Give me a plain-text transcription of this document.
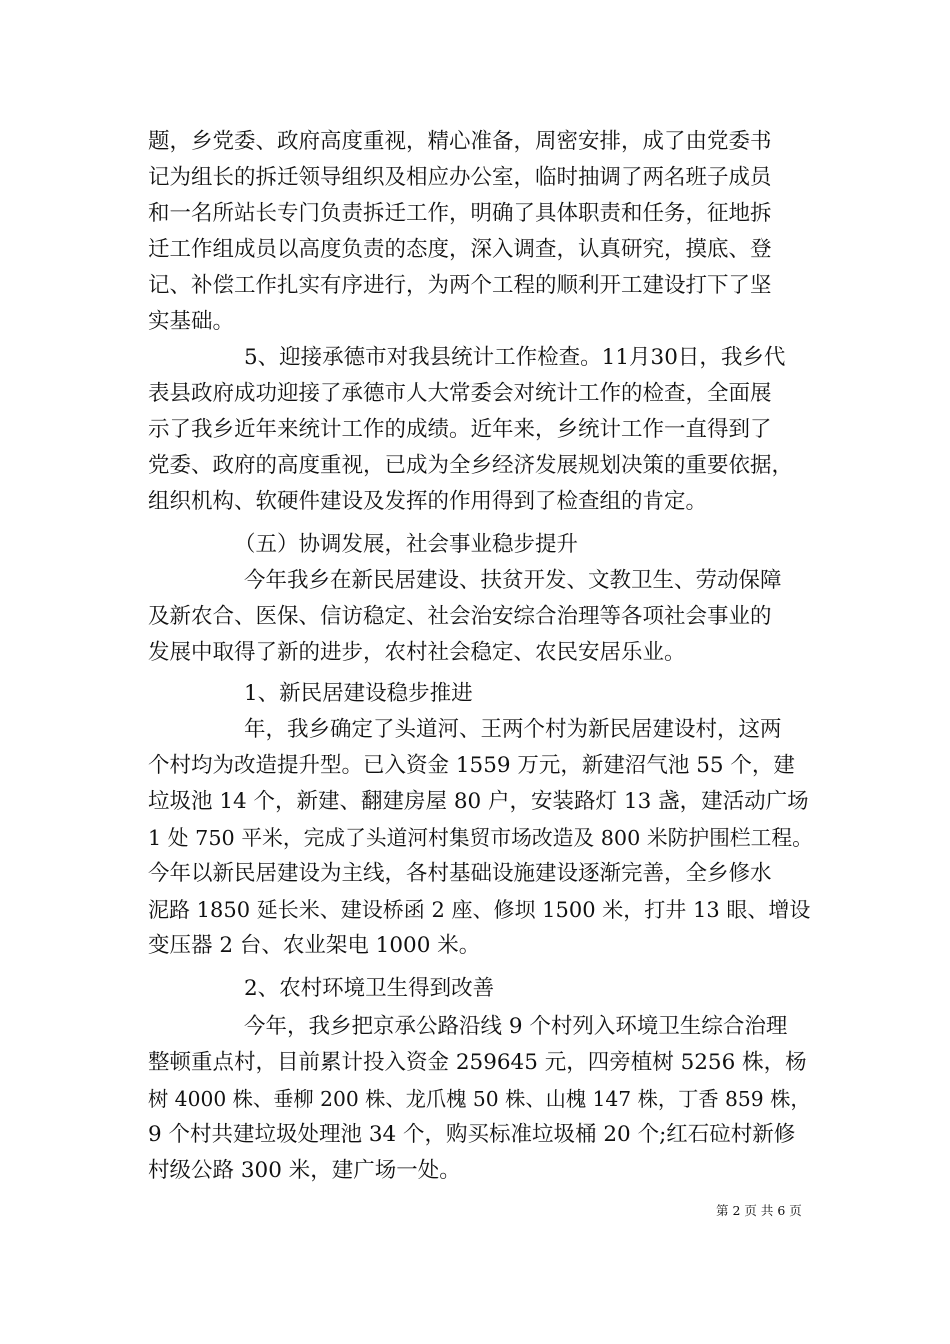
题，乡党委、政府高度重视，精心准备，周密安排，成了由党委书

记为组长的拆迁领导组织及相应办公室，临时抽调了两名班子成员

和一名所站长专门负责拆迁工作，明确了具体职责和任务，征地拆

迁工作组成员以高度负责的态度，深入调查，认真研究，摸底、登

记、补偿工作扎实有序进行，为两个工程的顺利开工建设打下了坚

实基础。

5、迎接承德市对我县统计工作检查。11月30日，我乡代

表县政府成功迎接了承德市人大常委会对统计工作的检查，全面展

示了我乡近年来统计工作的成绩。近年来，乡统计工作一直得到了

党委、政府的高度重视，已成为全乡经济发展规划决策的重要依据，

组织机构、软硬件建设及发挥的作用得到了检查组的肯定。

（五）协调发展，社会事业稳步提升

今年我乡在新民居建设、扶贫开发、文教卫生、劳动保障

及新农合、医保、信访稳定、社会治安综合治理等各项社会事业的

发展中取得了新的进步，农村社会稳定、农民安居乐业。

1、新民居建设稳步推进

年，我乡确定了头道河、王两个村为新民居建设村，这两

个村均为改造提升型。已入资金 1559 万元，新建沼气池 55 个，建

垃圾池 14 个，新建、翻建房屋 80 户，安装路灯 13 盏，建活动广场

1 处 750 平米，完成了头道河村集贸市场改造及 800 米防护围栏工程。

今年以新民居建设为主线，各村基础设施建设逐渐完善，全乡修水

泥路 1850 延长米、建设桥函 2 座、修坝 1500 米，打井 13 眼、增设

变压器 2 台、农业架电 1000 米。

2、农村环境卫生得到改善

今年，我乡把京承公路沿线 9 个村列入环境卫生综合治理

整顿重点村，目前累计投入资金 259645 元，四旁植树 5256 株，杨

树 4000 株、垂柳 200 株、龙爪槐 50 株、山槐 147 株，丁香 859 株，

9 个村共建垃圾处理池 34 个，购买标准垃圾桶 20 个;红石砬村新修

村级公路 300 米，建广场一处。

第 2 页 共 6 页
